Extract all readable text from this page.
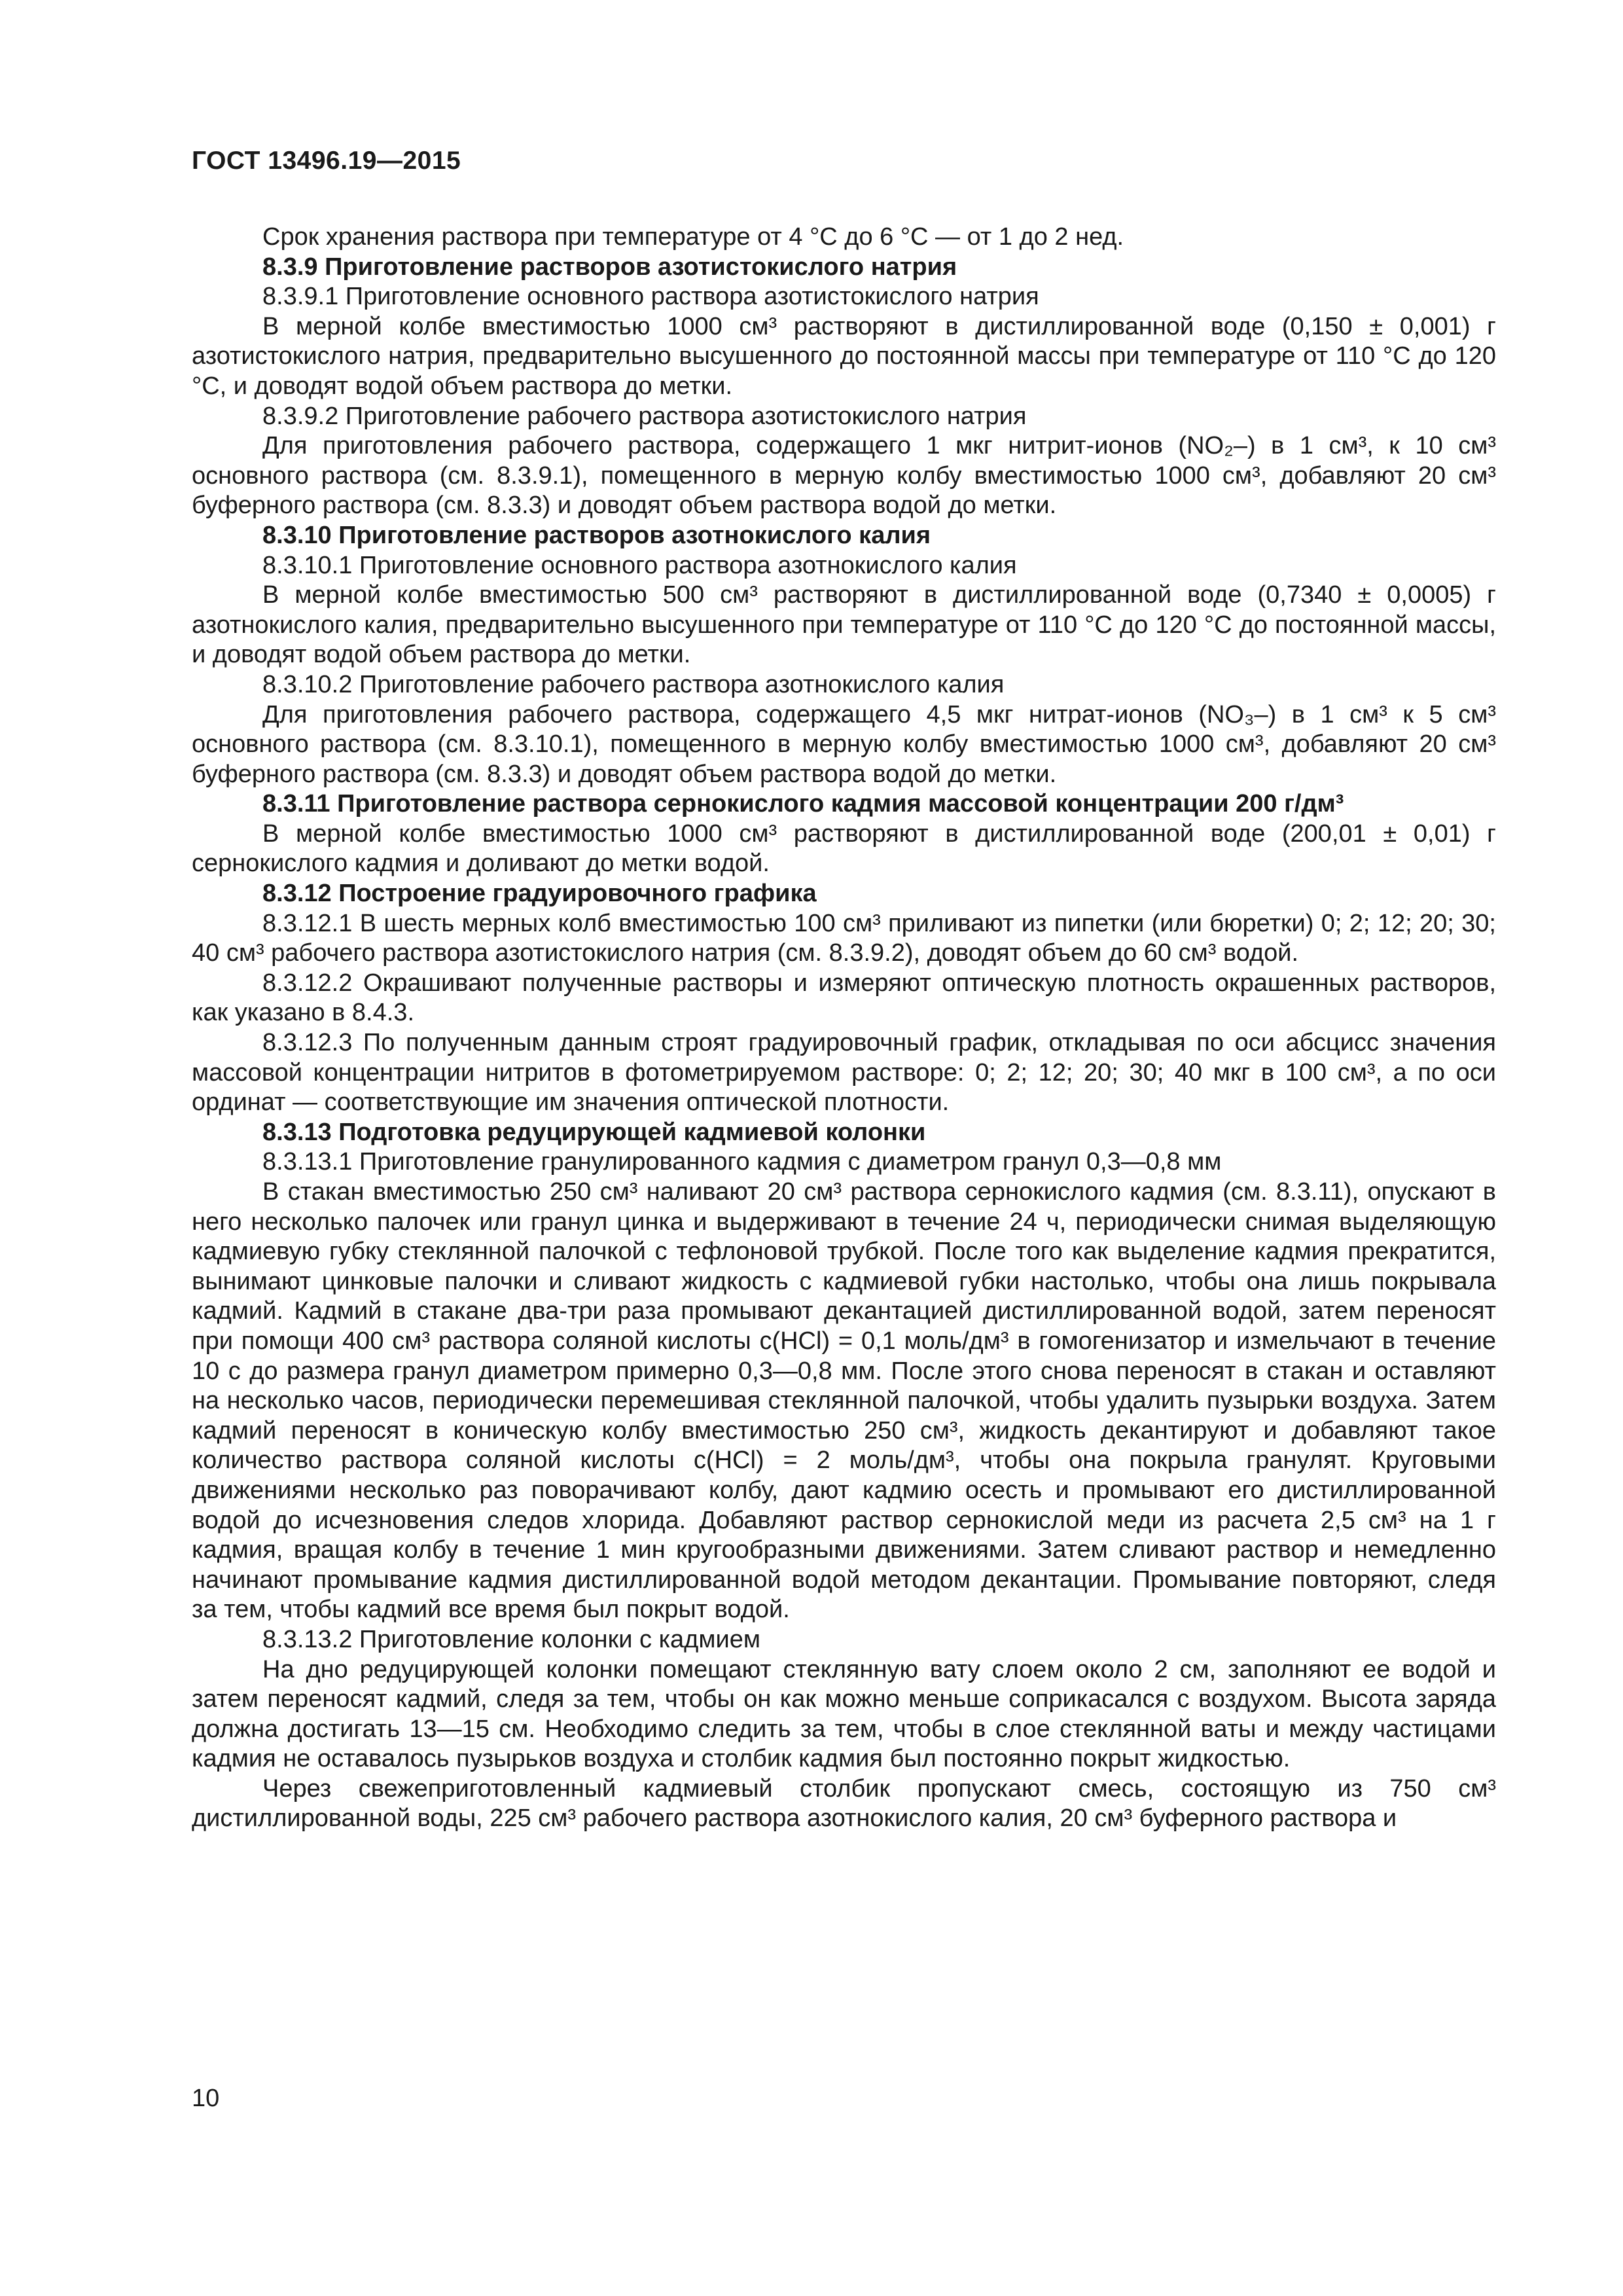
ГОСТ 13496.19—2015

Срок хранения раствора при температуре от 4 °С до 6 °С — от 1 до 2 нед.

8.3.9 Приготовление растворов азотистокислого натрия

8.3.9.1 Приготовление основного раствора азотистокислого натрия

В мерной колбе вместимостью 1000 см³ растворяют в дистиллированной воде (0,150 ± 0,001) г азотистокислого натрия, предварительно высушенного до постоянной массы при температуре от 110 °С до 120 °С, и доводят водой объем раствора до метки.

8.3.9.2 Приготовление рабочего раствора азотистокислого натрия

Для приготовления рабочего раствора, содержащего 1 мкг нитрит-ионов (NO₂–) в 1 см³, к 10 см³ основного раствора (см. 8.3.9.1), помещенного в мерную колбу вместимостью 1000 см³, добавляют 20 см³ буферного раствора (см. 8.3.3) и доводят объем раствора водой до метки.

8.3.10 Приготовление растворов азотнокислого калия

8.3.10.1 Приготовление основного раствора азотнокислого калия

В мерной колбе вместимостью 500 см³ растворяют в дистиллированной воде (0,7340 ± 0,0005) г азотнокислого калия, предварительно высушенного при температуре от 110 °С до 120 °С до постоянной массы, и доводят водой объем раствора до метки.

8.3.10.2 Приготовление рабочего раствора азотнокислого калия

Для приготовления рабочего раствора, содержащего 4,5 мкг нитрат-ионов (NO₃–) в 1 см³ к 5 см³ основного раствора (см. 8.3.10.1), помещенного в мерную колбу вместимостью 1000 см³, добавляют 20 см³ буферного раствора (см. 8.3.3) и доводят объем раствора водой до метки.

8.3.11 Приготовление раствора сернокислого кадмия массовой концентрации 200 г/дм³

В мерной колбе вместимостью 1000 см³ растворяют в дистиллированной воде (200,01 ± 0,01) г сернокислого кадмия и доливают до метки водой.

8.3.12 Построение градуировочного графика

8.3.12.1 В шесть мерных колб вместимостью 100 см³ приливают из пипетки (или бюретки) 0; 2; 12; 20; 30; 40 см³ рабочего раствора азотистокислого натрия (см. 8.3.9.2), доводят объем до 60 см³ водой.

8.3.12.2 Окрашивают полученные растворы и измеряют оптическую плотность окрашенных растворов, как указано в 8.4.3.

8.3.12.3 По полученным данным строят градуировочный график, откладывая по оси абсцисс значения массовой концентрации нитритов в фотометрируемом растворе: 0; 2; 12; 20; 30; 40 мкг в 100 см³, а по оси ординат — соответствующие им значения оптической плотности.

8.3.13 Подготовка редуцирующей кадмиевой колонки

8.3.13.1 Приготовление гранулированного кадмия с диаметром гранул 0,3—0,8 мм

В стакан вместимостью 250 см³ наливают 20 см³ раствора сернокислого кадмия (см. 8.3.11), опускают в него несколько палочек или гранул цинка и выдерживают в течение 24 ч, периодически снимая выделяющую кадмиевую губку стеклянной палочкой с тефлоновой трубкой. После того как выделение кадмия прекратится, вынимают цинковые палочки и сливают жидкость с кадмиевой губки настолько, чтобы она лишь покрывала кадмий. Кадмий в стакане два-три раза промывают декантацией дистиллированной водой, затем переносят при помощи 400 см³ раствора соляной кислоты с(HCl) = 0,1 моль/дм³ в гомогенизатор и измельчают в течение 10 с до размера гранул диаметром примерно 0,3—0,8 мм. После этого снова переносят в стакан и оставляют на несколько часов, периодически перемешивая стеклянной палочкой, чтобы удалить пузырьки воздуха. Затем кадмий переносят в коническую колбу вместимостью 250 см³, жидкость декантируют и добавляют такое количество раствора соляной кислоты с(HCl) = 2 моль/дм³, чтобы она покрыла гранулят. Круговыми движениями несколько раз поворачивают колбу, дают кадмию осесть и промывают его дистиллированной водой до исчезновения следов хлорида. Добавляют раствор сернокислой меди из расчета 2,5 см³ на 1 г кадмия, вращая колбу в течение 1 мин кругообразными движениями. Затем сливают раствор и немедленно начинают промывание кадмия дистиллированной водой методом декантации. Промывание повторяют, следя за тем, чтобы кадмий все время был покрыт водой.

8.3.13.2 Приготовление колонки с кадмием

На дно редуцирующей колонки помещают стеклянную вату слоем около 2 см, заполняют ее водой и затем переносят кадмий, следя за тем, чтобы он как можно меньше соприкасался с воздухом. Высота заряда должна достигать 13—15 см. Необходимо следить за тем, чтобы в слое стеклянной ваты и между частицами кадмия не оставалось пузырьков воздуха и столбик кадмия был постоянно покрыт жидкостью.

Через свежеприготовленный кадмиевый столбик пропускают смесь, состоящую из 750 см³ дистиллированной воды, 225 см³ рабочего раствора азотнокислого калия, 20 см³ буферного раствора и

10
